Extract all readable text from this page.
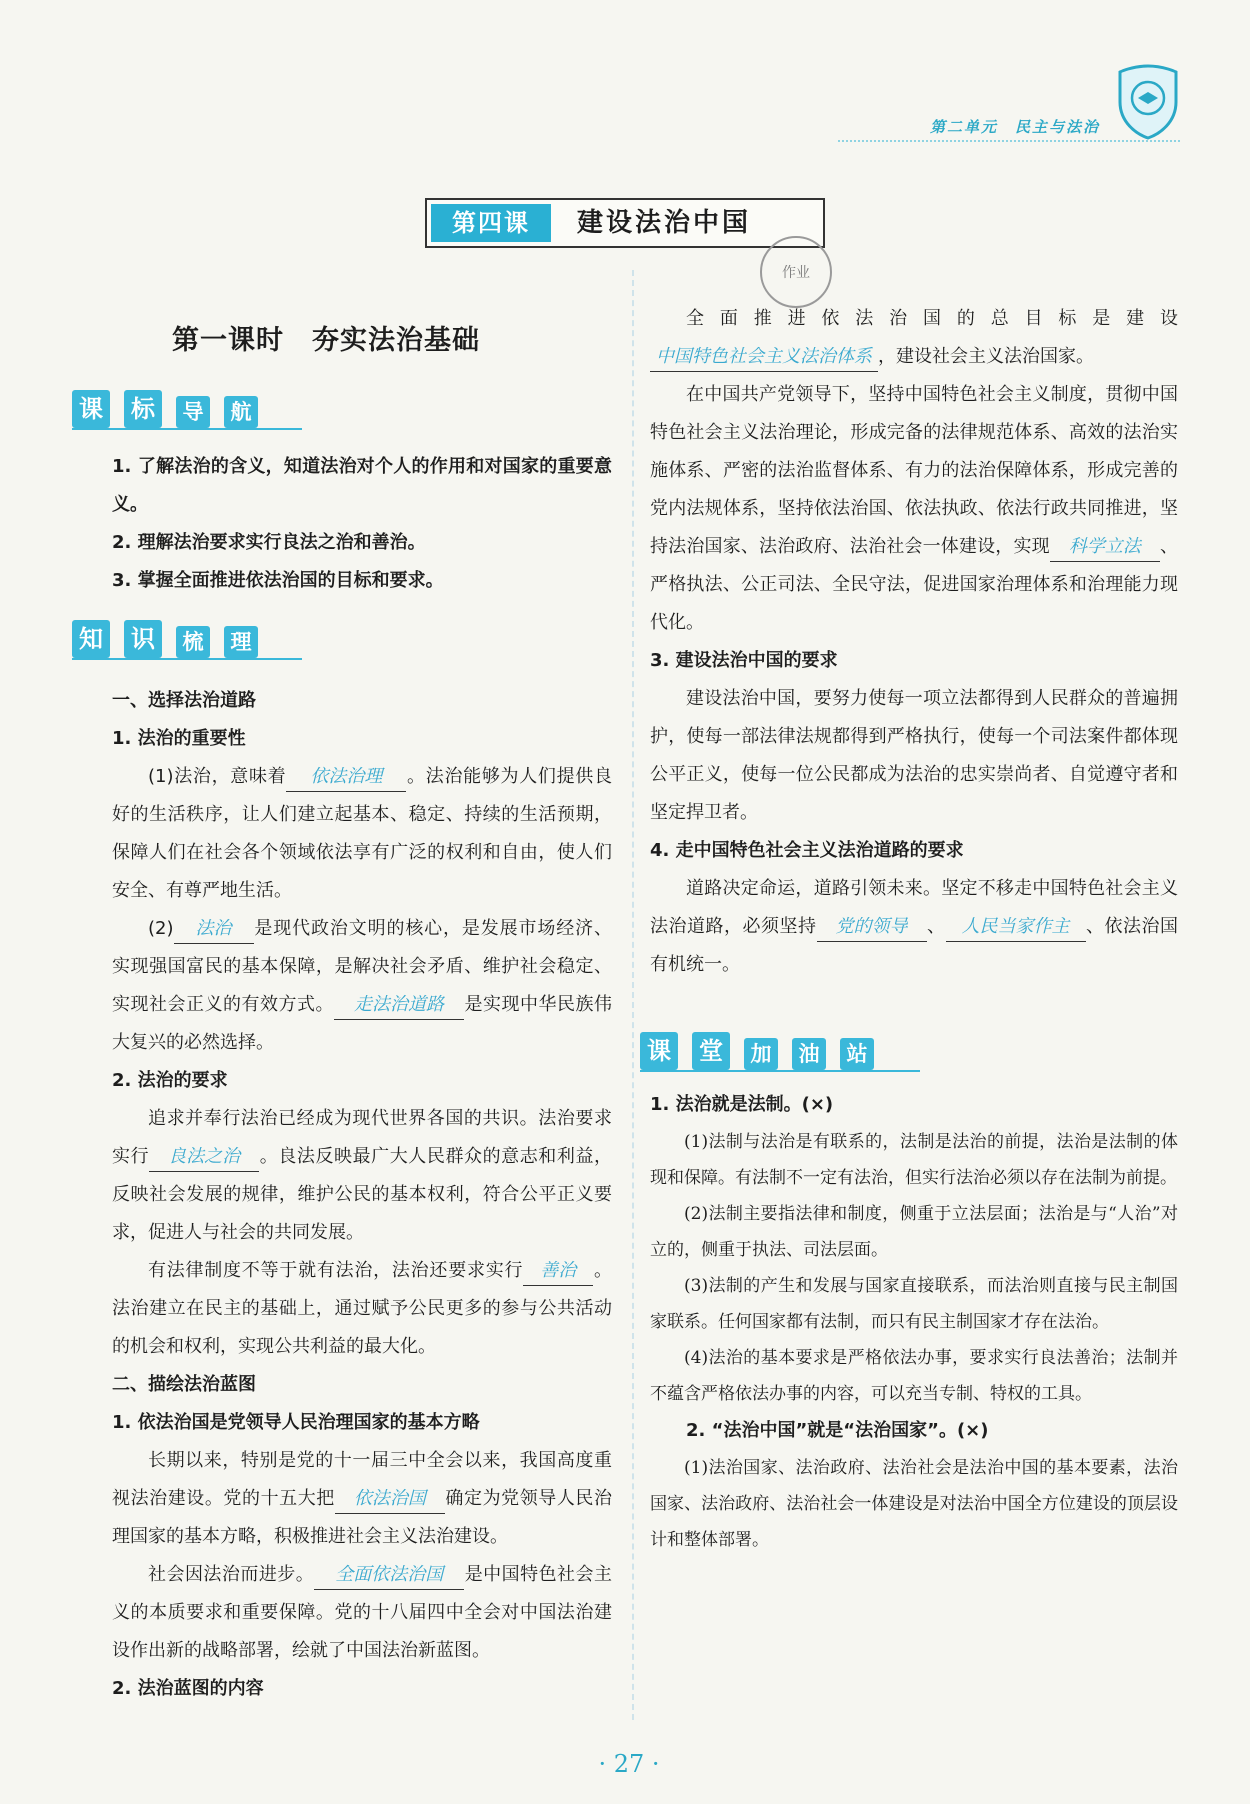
第二单元　民主与法治
第四课	建设法治中国
作业
第一课时　夯实法治基础
课 标	导	航
1. 了解法治的含义，知道法治对个人的作用和对国家的重要意义。
2. 理解法治要求实行良法之治和善治。
3. 掌握全面推进依法治国的目标和要求。
知 识	梳	理
一、选择法治道路
1. 法治的重要性
(1)法治，意味着 依法治理 。法治能够为人们提供良好的生活秩序，让人们建立起基本、稳定、持续的生活预期，保障人们在社会各个领域依法享有广泛的权利和自由，使人们安全、有尊严地生活。
(2) 法治 是现代政治文明的核心，是发展市场经济、实现强国富民的基本保障，是解决社会矛盾、维护社会稳定、实现社会正义的有效方式。 走法治道路 是实现中华民族伟大复兴的必然选择。
2. 法治的要求
追求并奉行法治已经成为现代世界各国的共识。法治要求实行 良法之治 。良法反映最广大人民群众的意志和利益，反映社会发展的规律，维护公民的基本权利，符合公平正义要求，促进人与社会的共同发展。
有法律制度不等于就有法治，法治还要求实行 善治 。法治建立在民主的基础上，通过赋予公民更多的参与公共活动的机会和权利，实现公共利益的最大化。
二、描绘法治蓝图
1. 依法治国是党领导人民治理国家的基本方略
长期以来，特别是党的十一届三中全会以来，我国高度重视法治建设。党的十五大把 依法治国 确定为党领导人民治理国家的基本方略，积极推进社会主义法治建设。
社会因法治而进步。 全面依法治国 是中国特色社会主义的本质要求和重要保障。党的十八届四中全会对中国法治建设作出新的战略部署，绘就了中国法治新蓝图。
2. 法治蓝图的内容
全面推进依法治国的总目标是建设中国特色社会主义法治体系 ，建设社会主义法治国家。
在中国共产党领导下，坚持中国特色社会主义制度，贯彻中国特色社会主义法治理论，形成完备的法律规范体系、高效的法治实施体系、严密的法治监督体系、有力的法治保障体系，形成完善的党内法规体系，坚持依法治国、依法执政、依法行政共同推进，坚持法治国家、法治政府、法治社会一体建设，实现 科学立法 、严格执法、公正司法、全民守法，促进国家治理体系和治理能力现代化。
3. 建设法治中国的要求
建设法治中国，要努力使每一项立法都得到人民群众的普遍拥护，使每一部法律法规都得到严格执行，使每一个司法案件都体现公平正义，使每一位公民都成为法治的忠实崇尚者、自觉遵守者和坚定捍卫者。
4. 走中国特色社会主义法治道路的要求
道路决定命运，道路引领未来。坚定不移走中国特色社会主义法治道路，必须坚持 党的领导 、 人民当家作主 、依法治国有机统一。
课 堂	加	油	站
1. 法治就是法制。(×)
(1)法制与法治是有联系的，法制是法治的前提，法治是法制的体现和保障。有法制不一定有法治，但实行法治必须以存在法制为前提。
(2)法制主要指法律和制度，侧重于立法层面；法治是与“人治”对立的，侧重于执法、司法层面。
(3)法制的产生和发展与国家直接联系，而法治则直接与民主制国家联系。任何国家都有法制，而只有民主制国家才存在法治。
(4)法治的基本要求是严格依法办事，要求实行良法善治；法制并不蕴含严格依法办事的内容，可以充当专制、特权的工具。
2. “法治中国”就是“法治国家”。(×)
(1)法治国家、法治政府、法治社会是法治中国的基本要素，法治国家、法治政府、法治社会一体建设是对法治中国全方位建设的顶层设计和整体部署。
· 27 ·
